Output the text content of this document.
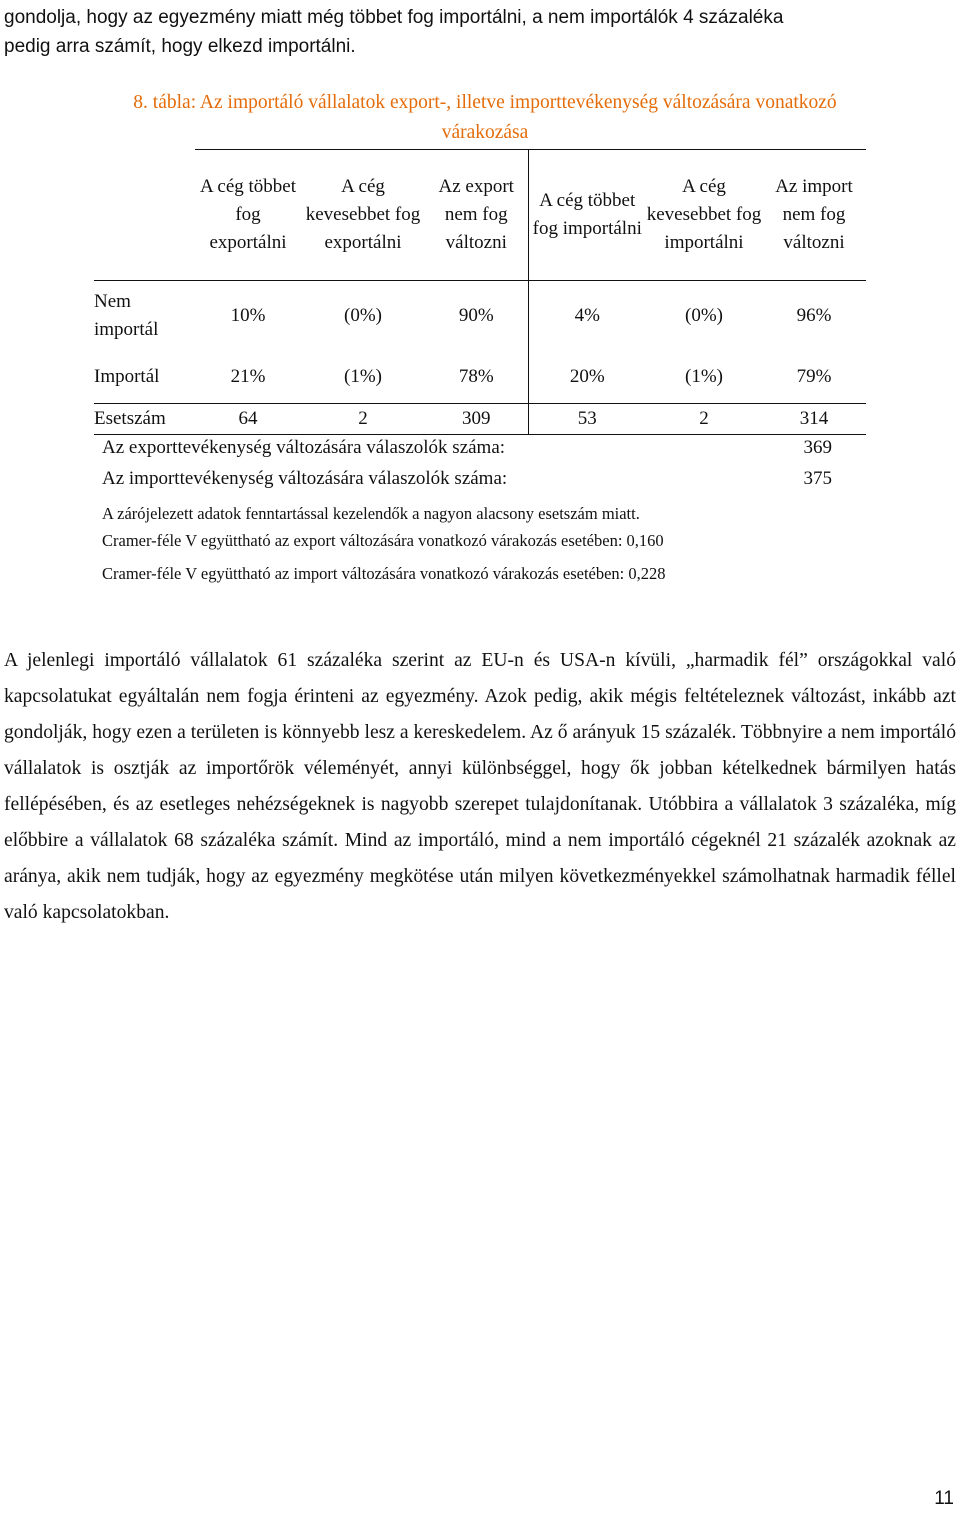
gondolja, hogy az egyezmény miatt még többet fog importálni, a nem importálók 4 százaléka
pedig arra számít, hogy elkezd importálni.
8. tábla: Az importáló vállalatok export-, illetve importtevékenység változására vonatkozó várakozása
	A cég többet fog exportálni	A cég kevesebbet fog exportálni	Az export nem fog változni	A cég többet fog importálni	A cég kevesebbet fog importálni	Az import nem fog változni
Nem importál	10%	(0%)	90%	4%	(0%)	96%
Importál	21%	(1%)	78%	20%	(1%)	79%
Esetszám	64	2	309	53	2	314
Az exporttevékenység változására válaszolók száma:	369
Az importtevékenység változására válaszolók száma:	375
A zárójelezett adatok fenntartással kezelendők a nagyon alacsony esetszám miatt.
Cramer-féle V együttható az export változására vonatkozó várakozás esetében: 0,160
Cramer-féle V együttható az import változására vonatkozó várakozás esetében: 0,228
A jelenlegi importáló vállalatok 61 százaléka szerint az EU-n és USA-n kívüli, „harmadik fél” országokkal való kapcsolatukat egyáltalán nem fogja érinteni az egyezmény. Azok pedig, akik mégis feltételeznek változást, inkább azt gondolják, hogy ezen a területen is könnyebb lesz a kereskedelem. Az ő arányuk 15 százalék. Többnyire a nem importáló vállalatok is osztják az importőrök véleményét, annyi különbséggel, hogy ők jobban kételkednek bármilyen hatás fellépésében, és az esetleges nehézségeknek is nagyobb szerepet tulajdonítanak. Utóbbira a vállalatok 3 százaléka, míg előbbire a vállalatok 68 százaléka számít. Mind az importáló, mind a nem importáló cégeknél 21 százalék azoknak az aránya, akik nem tudják, hogy az egyezmény megkötése után milyen következményekkel számolhatnak harmadik féllel való kapcsolatokban.
11
